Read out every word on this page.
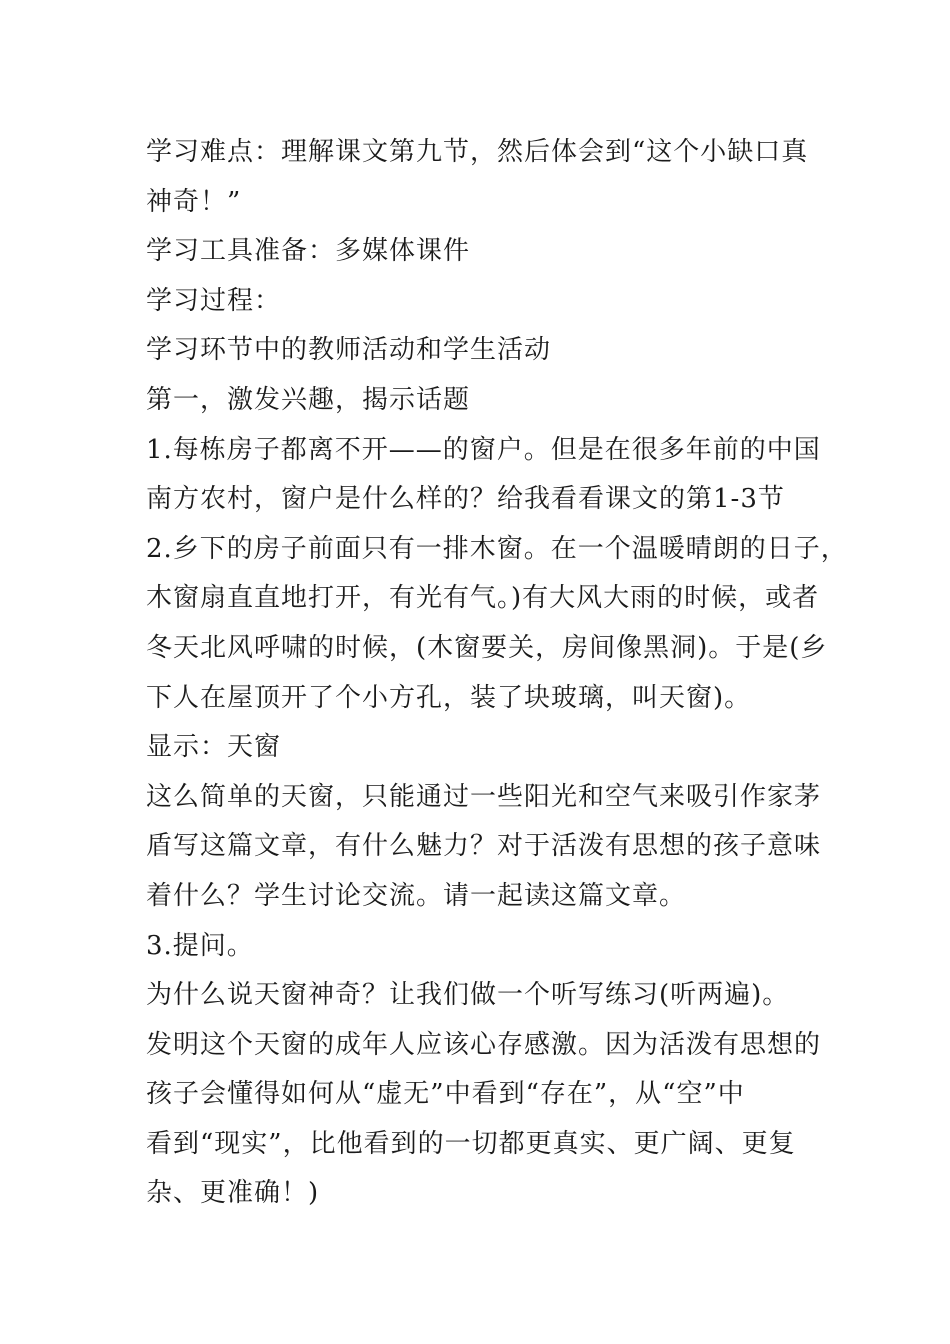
学习难点：理解课文第九节，然后体会到“这个小缺口真
神奇！”
学习工具准备：多媒体课件
学习过程：
学习环节中的教师活动和学生活动
第一，激发兴趣，揭示话题
1.每栋房子都离不开——的窗户。但是在很多年前的中国
南方农村，窗户是什么样的？给我看看课文的第1-3节
2.乡下的房子前面只有一排木窗。在一个温暖晴朗的日子，
木窗扇直直地打开，有光有气。)有大风大雨的时候，或者
冬天北风呼啸的时候，(木窗要关，房间像黑洞)。于是(乡
下人在屋顶开了个小方孔，装了块玻璃，叫天窗)。
显示：天窗
这么简单的天窗，只能通过一些阳光和空气来吸引作家茅
盾写这篇文章，有什么魅力？对于活泼有思想的孩子意味
着什么？学生讨论交流。请一起读这篇文章。
3.提问。
为什么说天窗神奇？让我们做一个听写练习(听两遍)。
发明这个天窗的成年人应该心存感激。因为活泼有思想的
孩子会懂得如何从“虚无”中看到“存在”，从“空”中
看到“现实”，比他看到的一切都更真实、更广阔、更复
杂、更准确！)
